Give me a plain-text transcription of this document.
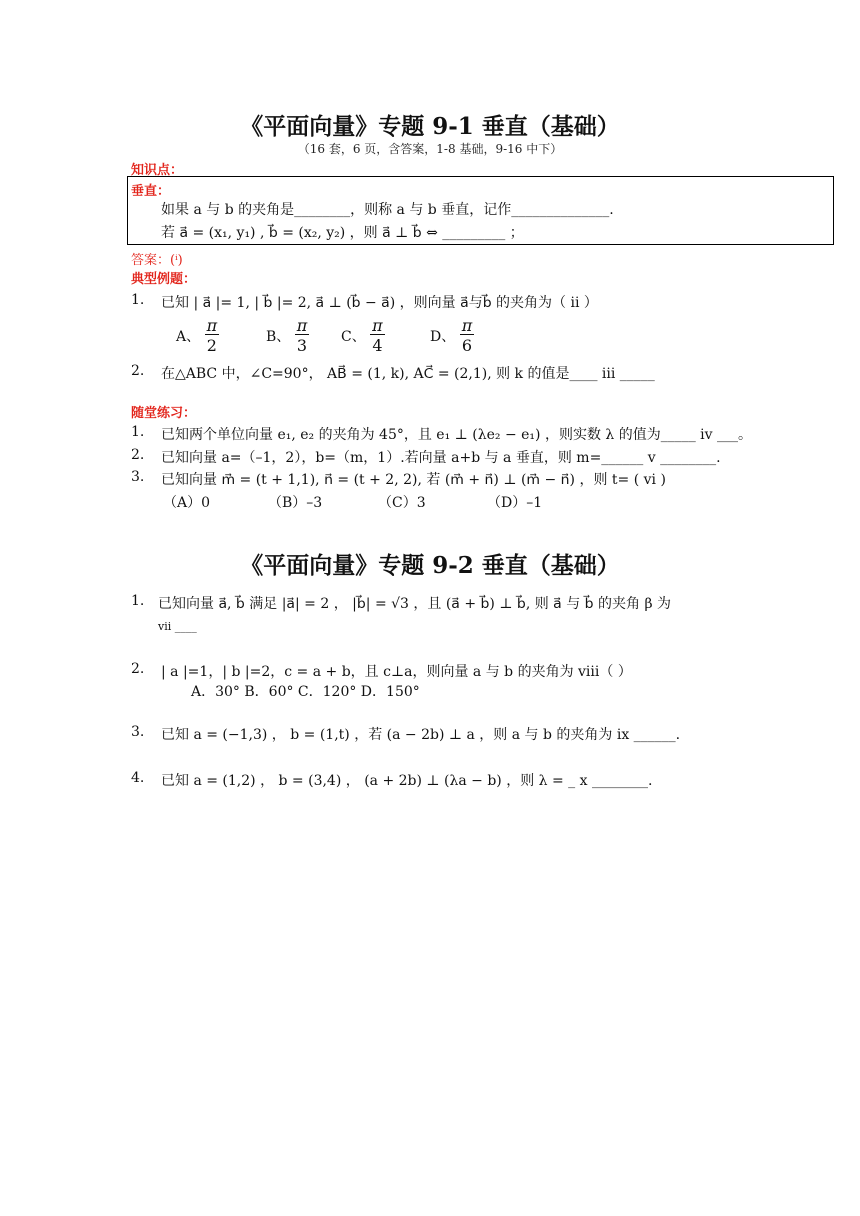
《平面向量》专题 9-1 垂直（基础）
（16 套，6 页，含答案，1-8 基础，9-16 中下）
知识点：
垂直：
如果 a 与 b 的夹角是________，则称 a 与 b 垂直，记作______________.
若 a⃗ = (x₁, y₁) , b⃗ = (x₂, y₂) ，则 a⃗ ⊥ b⃗ ⇔ _________ ；
答案：(ⁱ)
典型例题：
1. 已知 | a⃗ |= 1, | b⃗ |= 2, a⃗ ⊥ (b⃗ − a⃗) ，则向量 a⃗与b⃗ 的夹角为（ ii ）
A、 $\frac{\pi}{2}$	B、 $\frac{\pi}{3}$ C、 $\frac{\pi}{4}$	D、 $\frac{\pi}{6}$
2. 在△ABC 中，∠C=90°， AB⃗ = (1, k), AC⃗ = (2,1), 则 k 的值是____ iii _____
随堂练习：
1. 已知两个单位向量 e₁, e₂ 的夹角为 45°，且 e₁ ⊥ (λe₂ − e₁) ，则实数 λ 的值为_____ iv ___。
2. 已知向量 a=（–1，2），b=（m，1）.若向量 a+b 与 a 垂直，则 m=______ v ________.
3. 已知向量 m⃗ = (t + 1,1), n⃗ = (t + 2, 2), 若 (m⃗ + n⃗) ⊥ (m⃗ − n⃗) ，则 t= ( vi )
（A）0	（B）–3	（C）3	（D）–1
《平面向量》专题 9-2 垂直（基础）
1. 已知向量 a⃗, b⃗ 满足 |a⃗| = 2 ， |b⃗| = √3 ，且 (a⃗ + b⃗) ⊥ b⃗, 则 a⃗ 与 b⃗ 的夹角 β 为
vii ____
2. | a |=1，| b |=2，c = a + b，且 c⊥a，则向量 a 与 b 的夹角为 viii（ ）
A．30° B．60° C．120° D．150°
3. 已知 a = (−1,3) ， b = (1,t) ，若 (a − 2b) ⊥ a ，则 a 与 b 的夹角为 ix ______.
4. 已知 a = (1,2) ， b = (3,4) ， (a + 2b) ⊥ (λa − b) ，则 λ = _ x ________.
